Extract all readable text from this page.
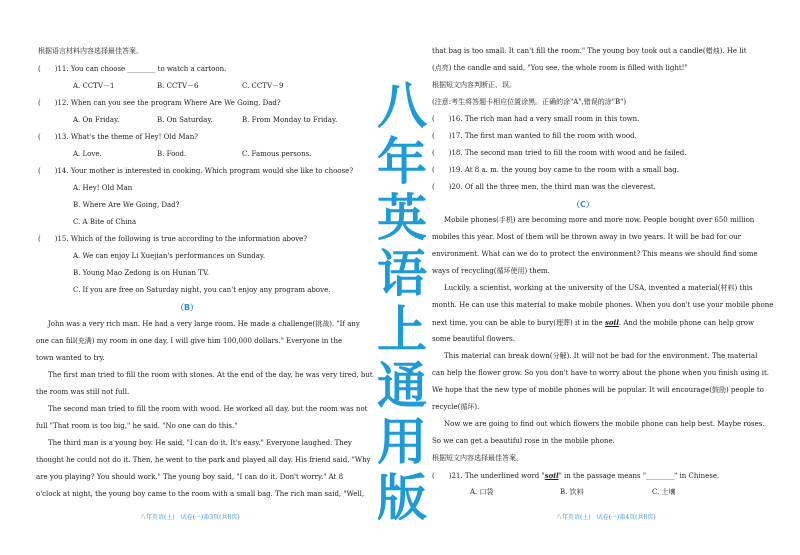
根据语言材料内容选择最佳答案。
(　　)11. You can choose ________ to watch a cartoon.
A. CCTV－1	B. CCTV－6	C. CCTV－9
(　　)12. When can you see the program Where Are We Going, Dad?
A. On Friday.	B. On Saturday.	B. From Monday to Friday.
(　　)13. What's the theme of Hey! Old Man?
A. Love.	B. Food.	C. Famous persons.
(　　)14. Your mother is interested in cooking. Which program would she like to choose?
A. Hey! Old Man
B. Where Are We Going, Dad?
C. A Bite of China
(　　)15. Which of the following is true according to the information above?
A. We can enjoy Li Xuejian's performances on Sunday.
B. Young Mao Zedong is on Hunan TV.
C. If you are free on Saturday night, you can't enjoy any program above.
（B）
John was a very rich man. He had a very large room. He made a challenge(挑战). "If any
one can fill(充满) my room in one day, I will give him 100,000 dollars." Everyone in the
town wanted to try.
The first man tried to fill the room with stones. At the end of the day, he was very tired, but
the room was still not full.
The second man tried to fill the room with wood. He worked all day, but the room was not
full "That room is too big," he said. "No one can do this."
The third man is a young boy. He said, "I can do it. It's easy." Everyone laughed. They
thought he could not do it. Then, he went to the park and played all day. His friend said, "Why
are you playing? You should work." The young boy said, "I can do it. Don't worry." At 8
o'clock at night, the young boy came to the room with a small bag. The rich man said, "Well,
八年英语(上)　试卷(一)第3页(共8页)
八
年
英
语
上
通
用
版
that bag is too small. It can't fill the room." The young boy took out a candle(蜡烛). He lit
(点亮) the candle and said, "You see, the whole room is filled with light!"
根据短文内容判断正、误。
(注意:考生将答题卡相应位置涂黑。正确的涂"A",错误的涂"B")
(　　)16. The rich man had a very small room in this town.
(　　)17. The first man wanted to fill the room with wood.
(　　)18. The second man tried to fill the room with wood and he failed.
(　　)19. At 8 a. m. the young boy came to the room with a small bag.
(　　)20. Of all the three men, the third man was the cleverest.
（C）
Mobile phones(手机) are becoming more and more now. People bought over 650 million
mobiles this year. Most of them will be thrown away in two years. It will be bad for our
environment. What can we do to protect the environment? This means we should find some
ways of recycling(循环使用) them.
Luckily, a scientist, working at the university of the USA, invented a material(材料) this
month. He can use this material to make mobile phones. When you don't use your mobile phone
next time, you can be able to bury(埋葬) it in the soil. And the mobile phone can help grow
some beautiful flowers.
This material can break down(分解). It will not be bad for the environment. The material
can help the flower grow. So you don't have to worry about the phone when you finish using it.
We hope that the new type of mobile phones will be popular. It will encourage(鼓励) people to
recycle(循环).
Now we are going to find out which flowers the mobile phone can help best. Maybe roses.
So we can get a beautiful rose in the mobile phone.
根据短文内容选择最佳答案。
(　　)21. The underlined word "soil" in the passage means "________" in Chinese.
A. 口袋	B. 饮料	C. 土壤
八年英语(上)　试卷(一)第4页(共8页)
